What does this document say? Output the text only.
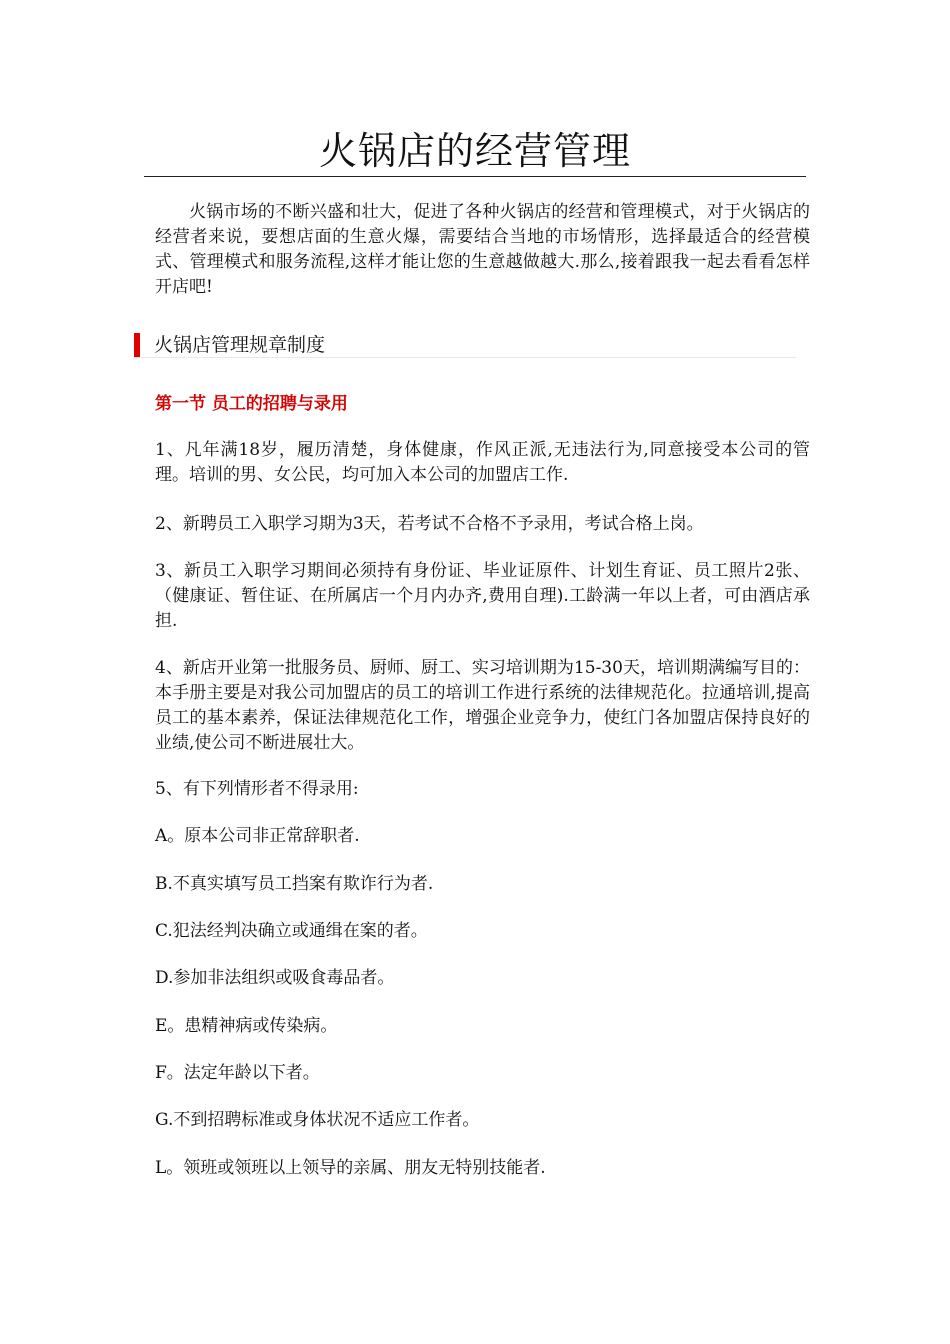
火锅店的经营管理

火锅市场的不断兴盛和壮大，促进了各种火锅店的经营和管理模式，对于火锅店的经营者来说，要想店面的生意火爆，需要结合当地的市场情形，选择最适合的经营模式、管理模式和服务流程,这样才能让您的生意越做越大.那么,接着跟我一起去看看怎样开店吧!

火锅店管理规章制度
第一节 员工的招聘与录用

1、凡年满18岁，履历清楚，身体健康，作风正派,无违法行为,同意接受本公司的管理。培训的男、女公民，均可加入本公司的加盟店工作.

2、新聘员工入职学习期为3天，若考试不合格不予录用，考试合格上岗。

3、新员工入职学习期间必须持有身份证、毕业证原件、计划生育证、员工照片2张、（健康证、暂住证、在所属店一个月内办齐,费用自理).工龄满一年以上者，可由酒店承担.

4、新店开业第一批服务员、厨师、厨工、实习培训期为15-30天，培训期满编写目的：本手册主要是对我公司加盟店的员工的培训工作进行系统的法律规范化。拉通培训,提高员工的基本素养，保证法律规范化工作，增强企业竞争力，使红门各加盟店保持良好的业绩,使公司不断进展壮大。

5、有下列情形者不得录用:

A。原本公司非正常辞职者.

B.不真实填写员工挡案有欺诈行为者.

C.犯法经判决确立或通缉在案的者。

D.参加非法组织或吸食毒品者。

E。患精神病或传染病。

F。法定年龄以下者。

G.不到招聘标准或身体状况不适应工作者。

L。领班或领班以上领导的亲属、朋友无特别技能者.
